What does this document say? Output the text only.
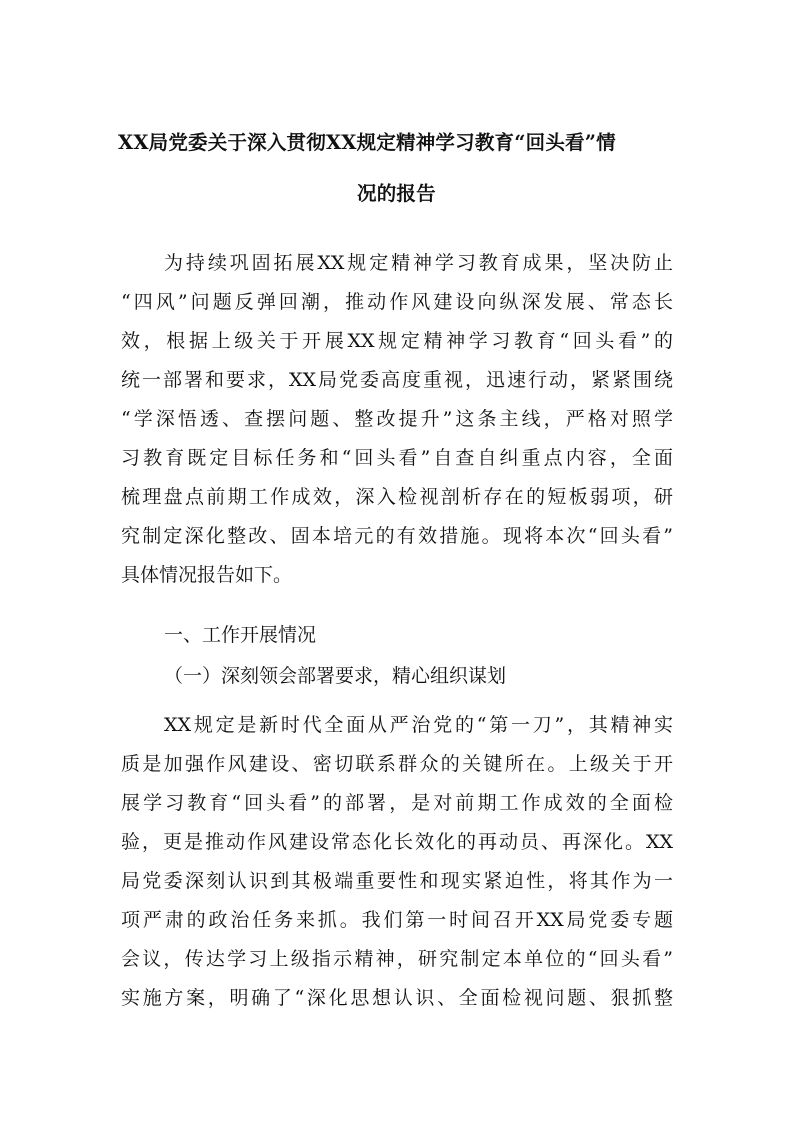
XX局党委关于深入贯彻XX规定精神学习教育“回头看”情
况的报告
为持续巩固拓展XX规定精神学习教育成果，坚决防止
“四风”问题反弹回潮，推动作风建设向纵深发展、常态长
效，根据上级关于开展XX规定精神学习教育“回头看”的
统一部署和要求，XX局党委高度重视，迅速行动，紧紧围绕
“学深悟透、查摆问题、整改提升”这条主线，严格对照学
习教育既定目标任务和“回头看”自查自纠重点内容，全面
梳理盘点前期工作成效，深入检视剖析存在的短板弱项，研
究制定深化整改、固本培元的有效措施。现将本次“回头看”
具体情况报告如下。
一、工作开展情况
（一）深刻领会部署要求，精心组织谋划
XX规定是新时代全面从严治党的“第一刀”，其精神实
质是加强作风建设、密切联系群众的关键所在。上级关于开
展学习教育“回头看”的部署，是对前期工作成效的全面检
验，更是推动作风建设常态化长效化的再动员、再深化。XX
局党委深刻认识到其极端重要性和现实紧迫性，将其作为一
项严肃的政治任务来抓。我们第一时间召开XX局党委专题
会议，传达学习上级指示精神，研究制定本单位的“回头看”
实施方案，明确了“深化思想认识、全面检视问题、狠抓整
